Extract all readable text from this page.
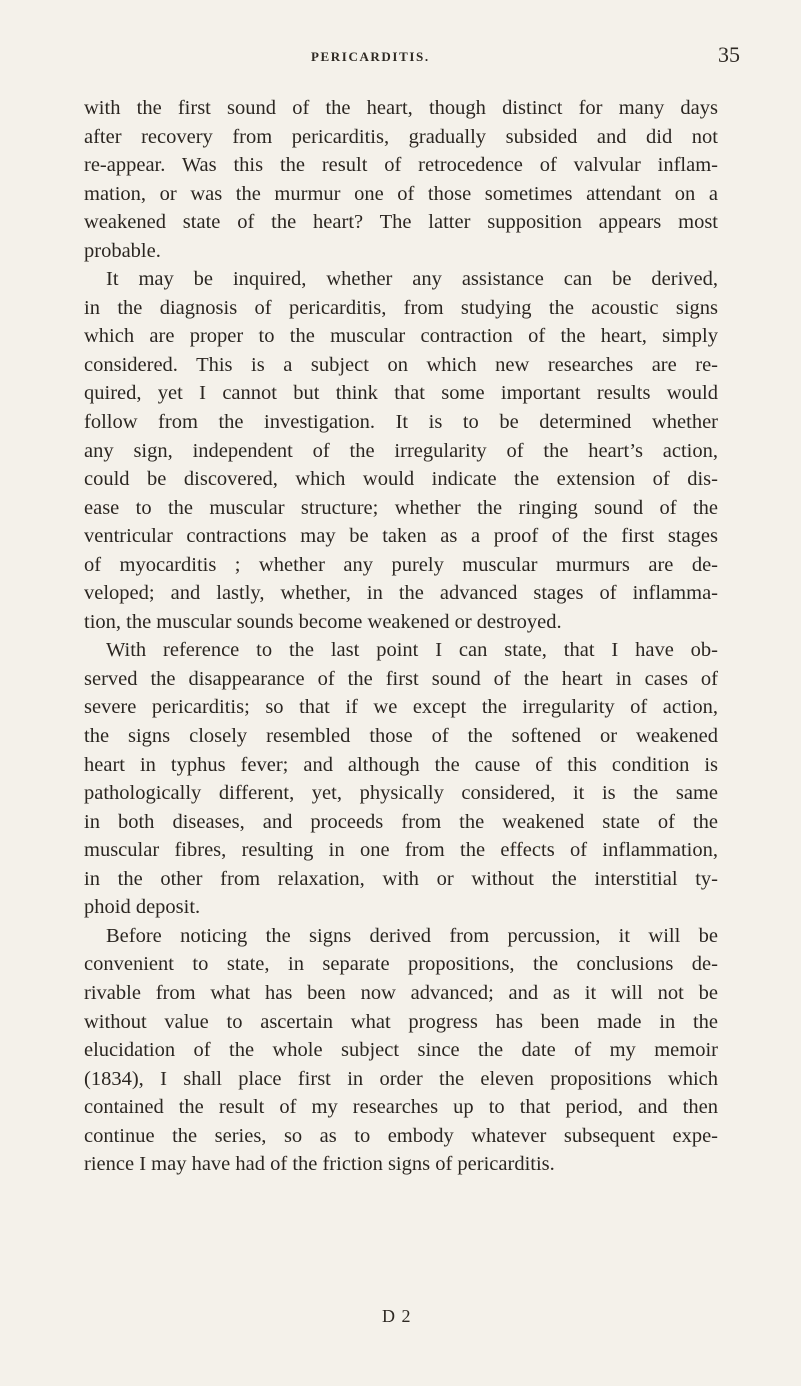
PERICARDITIS.	35
with the first sound of the heart, though distinct for many days
after recovery from pericarditis, gradually subsided and did not
re-appear. Was this the result of retrocedence of valvular inflam-
mation, or was the murmur one of those sometimes attendant on a
weakened state of the heart? The latter supposition appears most
probable.
It may be inquired, whether any assistance can be derived,
in the diagnosis of pericarditis, from studying the acoustic signs
which are proper to the muscular contraction of the heart, simply
considered. This is a subject on which new researches are re-
quired, yet I cannot but think that some important results would
follow from the investigation. It is to be determined whether
any sign, independent of the irregularity of the heart’s action,
could be discovered, which would indicate the extension of dis-
ease to the muscular structure; whether the ringing sound of the
ventricular contractions may be taken as a proof of the first stages
of myocarditis ; whether any purely muscular murmurs are de-
veloped; and lastly, whether, in the advanced stages of inflamma-
tion, the muscular sounds become weakened or destroyed.
With reference to the last point I can state, that I have ob-
served the disappearance of the first sound of the heart in cases of
severe pericarditis; so that if we except the irregularity of action,
the signs closely resembled those of the softened or weakened
heart in typhus fever; and although the cause of this condition is
pathologically different, yet, physically considered, it is the same
in both diseases, and proceeds from the weakened state of the
muscular fibres, resulting in one from the effects of inflammation,
in the other from relaxation, with or without the interstitial ty-
phoid deposit.
Before noticing the signs derived from percussion, it will be
convenient to state, in separate propositions, the conclusions de-
rivable from what has been now advanced; and as it will not be
without value to ascertain what progress has been made in the
elucidation of the whole subject since the date of my memoir
(1834), I shall place first in order the eleven propositions which
contained the result of my researches up to that period, and then
continue the series, so as to embody whatever subsequent expe-
rience I may have had of the friction signs of pericarditis.
D 2
